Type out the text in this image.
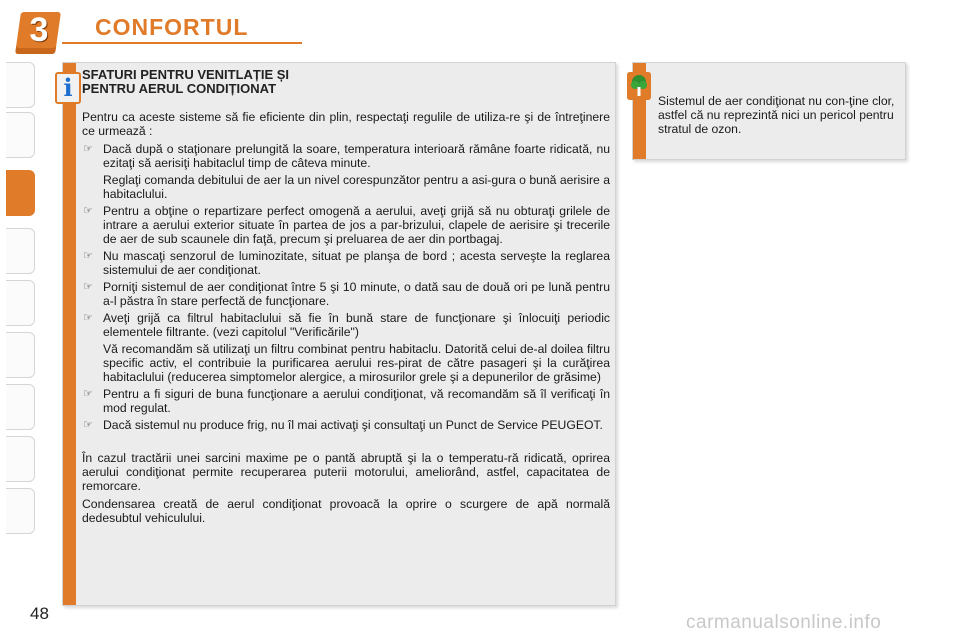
3	CONFORTUL
i SFATURI PENTRU VENITLAȚIE ȘI
PENTRU AERUL CONDIȚIONAT

Pentru ca aceste sisteme să fie eficiente din plin, respectaţi regulile de utiliza-re şi de întreţinere ce urmează :

☞ Dacă după o staţionare prelungită la soare, temperatura interioară rămâne foarte ridicată, nu ezitaţi să aerisiţi habitaclul timp de câteva minute.
Reglaţi comanda debitului de aer la un nivel corespunzător pentru a asi-gura o bună aerisire a habitaclului.
☞ Pentru a obţine o repartizare perfect omogenă a aerului, aveţi grijă să nu obturaţi grilele de intrare a aerului exterior situate în partea de jos a par-brizului, clapele de aerisire şi trecerile de aer de sub scaunele din faţă, precum şi preluarea de aer din portbagaj.
☞ Nu mascaţi senzorul de luminozitate, situat pe planşa de bord ; acesta serveşte la reglarea sistemului de aer condiţionat.
☞ Porniţi sistemul de aer condiţionat între 5 şi 10 minute, o dată sau de două ori pe lună pentru a-l păstra în stare perfectă de funcţionare.
☞ Aveţi grijă ca filtrul habitaclului să fie în bună stare de funcţionare şi înlocuiţi periodic elementele filtrante. (vezi capitolul "Verificările")
Vă recomandăm să utilizaţi un filtru combinat pentru habitaclu. Datorită celui de-al doilea filtru specific activ, el contribuie la purificarea aerului res-pirat de către pasageri şi la curăţirea habitaclului (reducerea simptomelor alergice, a mirosurilor grele şi a depunerilor de grăsime)
☞ Pentru a fi siguri de buna funcţionare a aerului condiţionat, vă recomandăm să îl verificaţi în mod regulat.
☞ Dacă sistemul nu produce frig, nu îl mai activaţi şi consultaţi un Punct de Service PEUGEOT.

În cazul tractării unei sarcini maxime pe o pantă abruptă şi la o temperatu-ră ridicată, oprirea aerului condiţionat permite recuperarea puterii motorului, ameliorând, astfel, capacitatea de remorcare.

Condensarea creată de aerul condiţionat provoacă la oprire o scurgere de apă normală dedesubtul vehiculului.

Sistemul de aer condiţionat nu con-ţine clor, astfel că nu reprezintă nici un pericol pentru stratul de ozon.
48	carmanualsonline.info
